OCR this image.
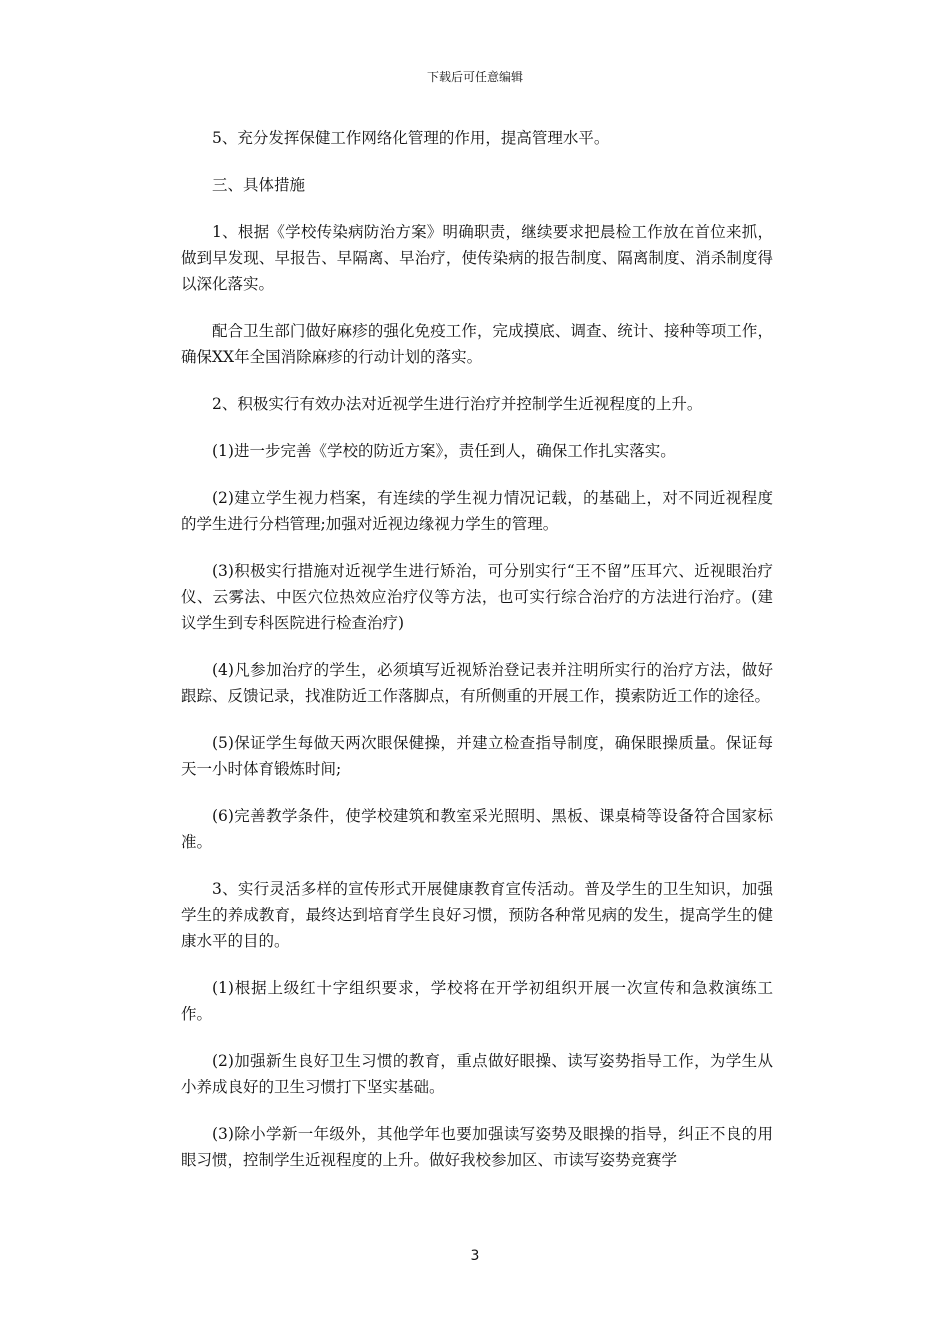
下载后可任意编辑

5、充分发挥保健工作网络化管理的作用，提高管理水平。

三、具体措施

1、根据《学校传染病防治方案》明确职责，继续要求把晨检工作放在首位来抓，做到早发现、早报告、早隔离、早治疗，使传染病的报告制度、隔离制度、消杀制度得以深化落实。

配合卫生部门做好麻疹的强化免疫工作，完成摸底、调查、统计、接种等项工作，确保XX年全国消除麻疹的行动计划的落实。

2、积极实行有效办法对近视学生进行治疗并控制学生近视程度的上升。

(1)进一步完善《学校的防近方案》，责任到人，确保工作扎实落实。

(2)建立学生视力档案，有连续的学生视力情况记载，的基础上，对不同近视程度的学生进行分档管理;加强对近视边缘视力学生的管理。

(3)积极实行措施对近视学生进行矫治，可分别实行“王不留”压耳穴、近视眼治疗仪、云雾法、中医穴位热效应治疗仪等方法，也可实行综合治疗的方法进行治疗。(建议学生到专科医院进行检查治疗)

(4)凡参加治疗的学生，必须填写近视矫治登记表并注明所实行的治疗方法，做好跟踪、反馈记录，找准防近工作落脚点，有所侧重的开展工作，摸索防近工作的途径。

(5)保证学生每做天两次眼保健操，并建立检查指导制度，确保眼操质量。保证每天一小时体育锻炼时间;

(6)完善教学条件，使学校建筑和教室采光照明、黑板、课桌椅等设备符合国家标准。

3、实行灵活多样的宣传形式开展健康教育宣传活动。普及学生的卫生知识，加强学生的养成教育，最终达到培育学生良好习惯，预防各种常见病的发生，提高学生的健康水平的目的。

(1)根据上级红十字组织要求，学校将在开学初组织开展一次宣传和急救演练工作。

(2)加强新生良好卫生习惯的教育，重点做好眼操、读写姿势指导工作，为学生从小养成良好的卫生习惯打下坚实基础。

(3)除小学新一年级外，其他学年也要加强读写姿势及眼操的指导，纠正不良的用眼习惯，控制学生近视程度的上升。做好我校参加区、市读写姿势竞赛学

3
